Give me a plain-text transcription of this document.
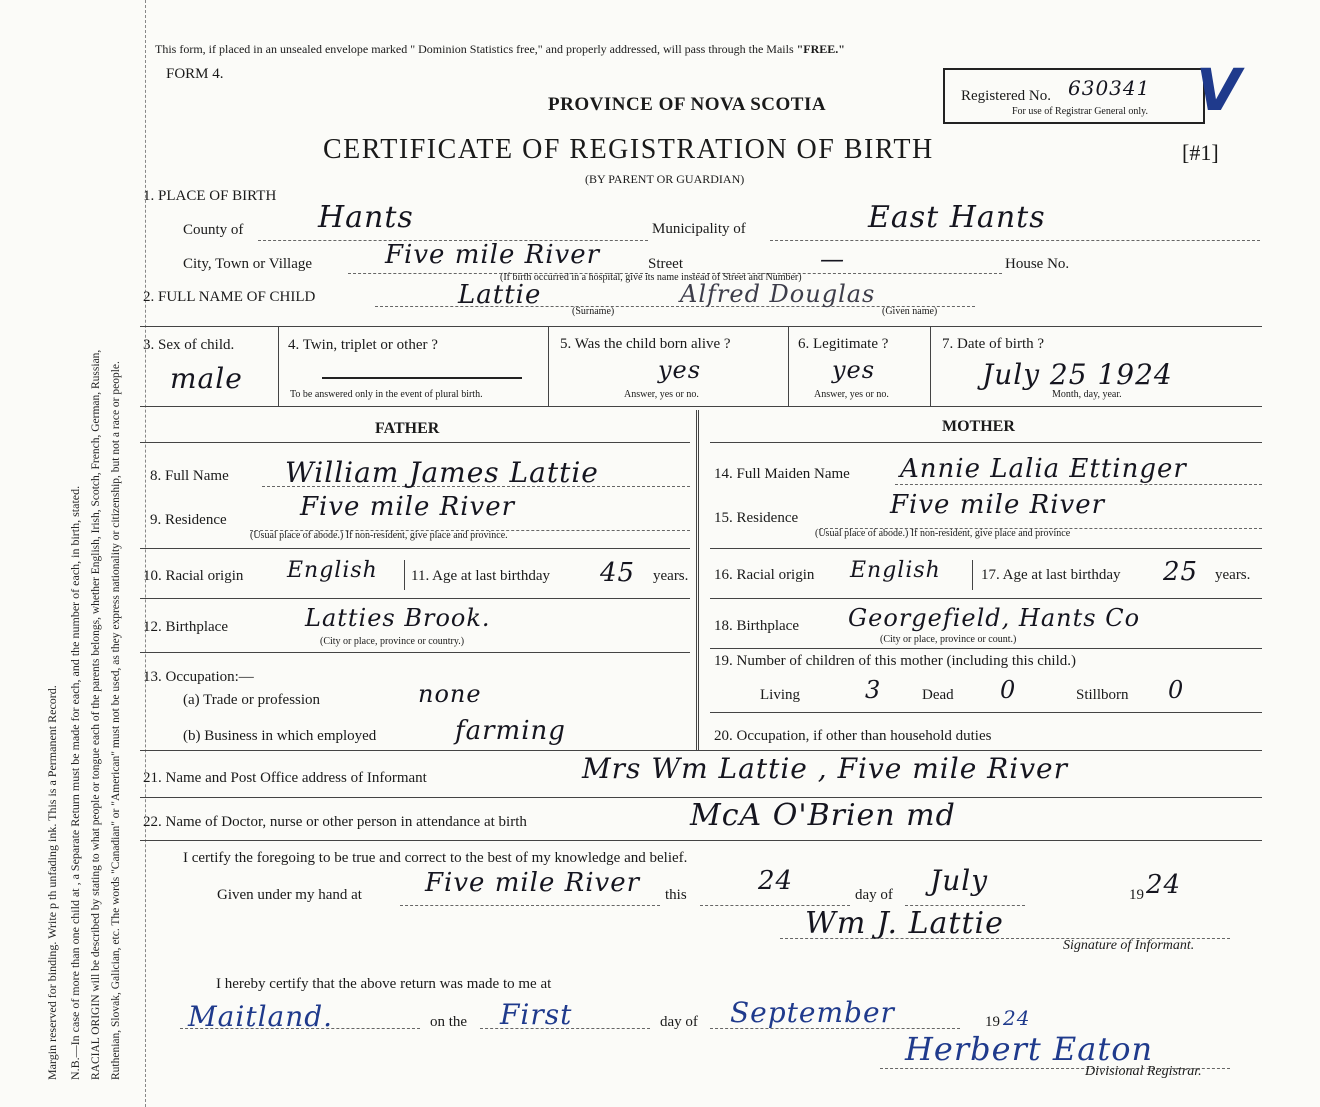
Margin reserved for binding. Write p th unfading ink. This is a Permanent Record. N.B.—In case of more than one child at , a Separate Return must be made for each, and the number of each, in birth, stated. RACIAL ORIGIN will be described by stating to what people or tongue each of the parents belongs, whether English, Irish, Scotch, French, German, Russian, Ruthenian, Slovak, Galician, etc. The words "Canadian" or "American" must not be used, as they express nationality or citizenship, but not a race or people.
This form, if placed in an unsealed envelope marked " Dominion Statistics free," and properly addressed, will pass through the Mails "FREE."
FORM 4.
PROVINCE OF NOVA SCOTIA
CERTIFICATE OF REGISTRATION OF BIRTH
(BY PARENT OR GUARDIAN)
Registered No. 630341
For use of Registrar General only. V
[#1]
1. PLACE OF BIRTH
County of Hants	Municipality of	East Hants
City, Town or Village	Five mile River	Street	—	House No.
(If birth occurred in a hospital, give its name instead of Street and Number)
2. FULL NAME OF CHILD	Lattie	Alfred Douglas
(Surname)	(Given name)
3. Sex of child.
male
4. Twin, triplet or other ?
To be answered only in the event of plural birth.
5. Was the child born alive ?
yes
Answer, yes or no.
6. Legitimate ?
yes
Answer, yes or no.
7. Date of birth ?
July 25 1924
Month, day, year.
FATHER	MOTHER
8. Full Name William James Lattie
9. Residence	Five mile River
(Usual place of abode.) If non-resident, give place and province.
10. Racial origin English 11. Age at last birthday 45 years.
12. Birthplace	Latties Brook.
(City or place, province or country.)
13. Occupation:—
(a) Trade or profession	none
(b) Business in which employed	farming
14. Full Maiden Name Annie Lalia Ettinger
15. Residence	Five mile River
(Usual place of abode.) If non-resident, give place and province
16. Racial origin English	17. Age at last birthday 25 years.
18. Birthplace Georgefield, Hants Co
(City or place, province or count.)
19. Number of children of this mother (including this child.)
Living	3	Dead 0	Stillborn 0
20. Occupation, if other than household duties
21. Name and Post Office address of Informant	Mrs Wm Lattie , Five mile River
22. Name of Doctor, nurse or other person in attendance at birth	McA O'Brien md
I certify the foregoing to be true and correct to the best of my knowledge and belief.
Given under my hand at Five mile River this	24	day of July	19 24
Wm J. Lattie
Signature of Informant.
I hereby certify that the above return was made to me at
Maitland.	on the First	day of September	19 24
Herbert Eaton
Divisional Registrar.
